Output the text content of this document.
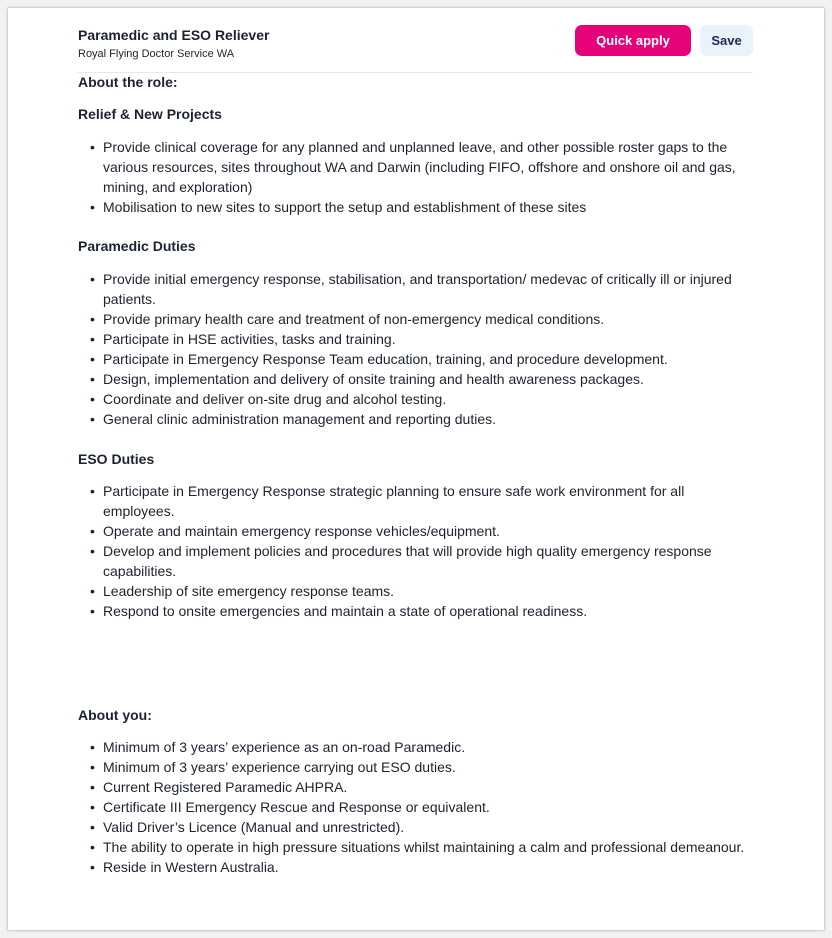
Paramedic and ESO Reliever
Royal Flying Doctor Service WA
Quick apply	Save
About the role:
Relief & New Projects
• Provide clinical coverage for any planned and unplanned leave, and other possible roster gaps to the various resources, sites throughout WA and Darwin (including FIFO, offshore and onshore oil and gas, mining, and exploration)
• Mobilisation to new sites to support the setup and establishment of these sites
Paramedic Duties
• Provide initial emergency response, stabilisation, and transportation/ medevac of critically ill or injured patients.
• Provide primary health care and treatment of non-emergency medical conditions.
• Participate in HSE activities, tasks and training.
• Participate in Emergency Response Team education, training, and procedure development.
• Design, implementation and delivery of onsite training and health awareness packages.
• Coordinate and deliver on-site drug and alcohol testing.
• General clinic administration management and reporting duties.
ESO Duties
• Participate in Emergency Response strategic planning to ensure safe work environment for all employees.
• Operate and maintain emergency response vehicles/equipment.
• Develop and implement policies and procedures that will provide high quality emergency response capabilities.
• Leadership of site emergency response teams.
• Respond to onsite emergencies and maintain a state of operational readiness.
About you:
• Minimum of 3 years’ experience as an on-road Paramedic.
• Minimum of 3 years’ experience carrying out ESO duties.
• Current Registered Paramedic AHPRA.
• Certificate III Emergency Rescue and Response or equivalent.
• Valid Driver’s Licence (Manual and unrestricted).
• The ability to operate in high pressure situations whilst maintaining a calm and professional demeanour.
• Reside in Western Australia.
